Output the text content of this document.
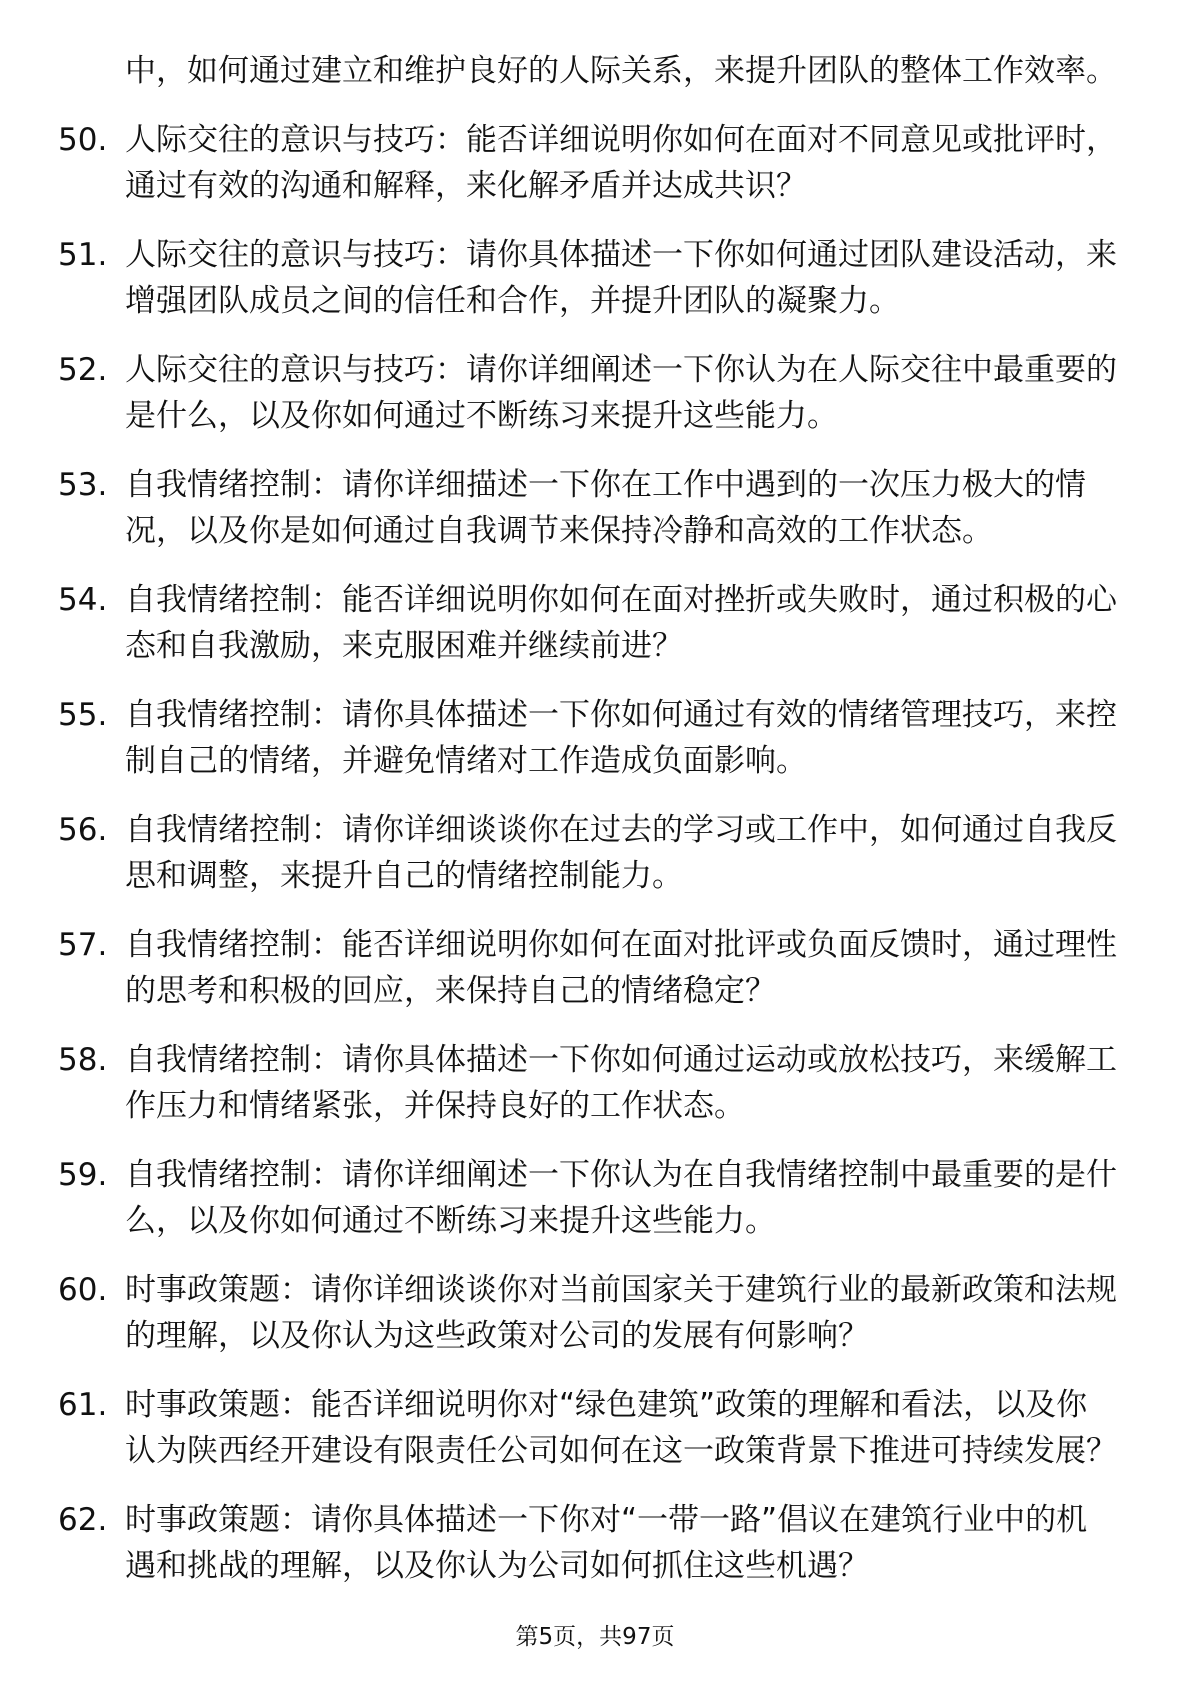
中，如何通过建立和维护良好的人际关系，来提升团队的整体工作效率。
50. 人际交往的意识与技巧：能否详细说明你如何在面对不同意见或批评时，通过有效的沟通和解释，来化解矛盾并达成共识？
51. 人际交往的意识与技巧：请你具体描述一下你如何通过团队建设活动，来增强团队成员之间的信任和合作，并提升团队的凝聚力。
52. 人际交往的意识与技巧：请你详细阐述一下你认为在人际交往中最重要的是什么，以及你如何通过不断练习来提升这些能力。
53. 自我情绪控制：请你详细描述一下你在工作中遇到的一次压力极大的情况，以及你是如何通过自我调节来保持冷静和高效的工作状态。
54. 自我情绪控制：能否详细说明你如何在面对挫折或失败时，通过积极的心态和自我激励，来克服困难并继续前进？
55. 自我情绪控制：请你具体描述一下你如何通过有效的情绪管理技巧，来控制自己的情绪，并避免情绪对工作造成负面影响。
56. 自我情绪控制：请你详细谈谈你在过去的学习或工作中，如何通过自我反思和调整，来提升自己的情绪控制能力。
57. 自我情绪控制：能否详细说明你如何在面对批评或负面反馈时，通过理性的思考和积极的回应，来保持自己的情绪稳定？
58. 自我情绪控制：请你具体描述一下你如何通过运动或放松技巧，来缓解工作压力和情绪紧张，并保持良好的工作状态。
59. 自我情绪控制：请你详细阐述一下你认为在自我情绪控制中最重要的是什么，以及你如何通过不断练习来提升这些能力。
60. 时事政策题：请你详细谈谈你对当前国家关于建筑行业的最新政策和法规的理解，以及你认为这些政策对公司的发展有何影响？
61. 时事政策题：能否详细说明你对“绿色建筑”政策的理解和看法，以及你认为陕西经开建设有限责任公司如何在这一政策背景下推进可持续发展？
62. 时事政策题：请你具体描述一下你对“一带一路”倡议在建筑行业中的机遇和挑战的理解，以及你认为公司如何抓住这些机遇？
第5页，共97页
